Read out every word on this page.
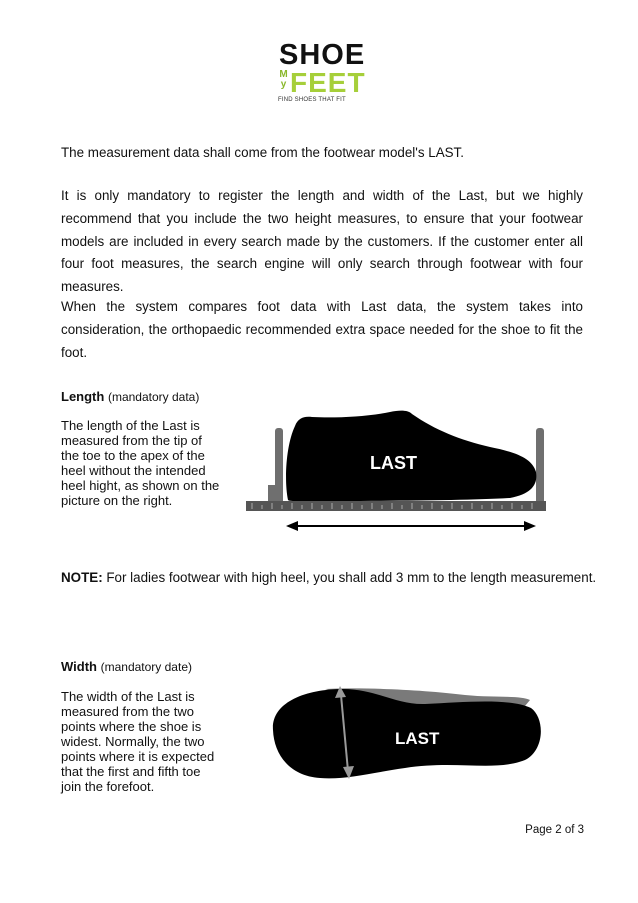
SHOE
M
y FEET
FIND SHOES THAT FIT

The measurement data shall come from the footwear model's LAST.

It is only mandatory to register the length and width of the Last, but we highly recommend that you include the two height measures, to ensure that your footwear models are included in every search made by the customers. If the customer enter all four foot measures, the search engine will only search through footwear with four measures.

When the system compares foot data with Last data, the system takes into consideration, the orthopaedic recommended extra space needed for the shoe to fit the foot.

Length (mandatory data)

The length of the Last is measured from the tip of the toe to the apex of the heel without the intended heel hight, as shown on the picture on the right.

LAST

NOTE: For ladies footwear with high heel, you shall add 3 mm to the length measurement.

Width (mandatory date)

The width of the Last is measured from the two points where the shoe is widest. Normally, the two points where it is expected that the first and fifth toe join the forefoot.

LAST

Page 2 of 3
